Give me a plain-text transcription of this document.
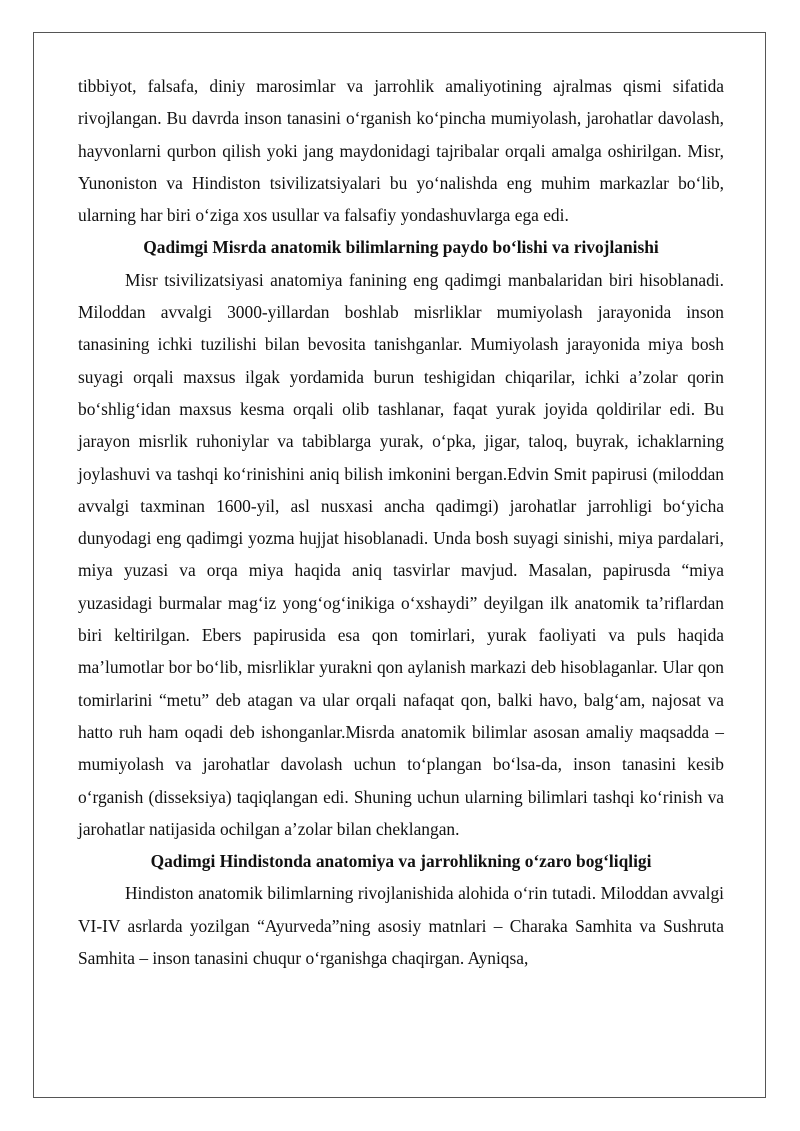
tibbiyot, falsafa, diniy marosimlar va jarrohlik amaliyotining ajralmas qismi sifatida rivojlangan. Bu davrda inson tanasini oʻrganish koʻpincha mumiyolash, jarohatlar davolash, hayvonlarni qurbon qilish yoki jang maydonidagi tajribalar orqali amalga oshirilgan. Misr, Yunoniston va Hindiston tsivilizatsiyalari bu yoʻnalishda eng muhim markazlar boʻlib, ularning har biri oʻziga xos usullar va falsafiy yondashuvlarga ega edi.

Qadimgi Misrda anatomik bilimlarning paydo boʻlishi va rivojlanishi

Misr tsivilizatsiyasi anatomiya fanining eng qadimgi manbalaridan biri hisoblanadi. Miloddan avvalgi 3000-yillardan boshlab misrliklar mumiyolash jarayonida inson tanasining ichki tuzilishi bilan bevosita tanishganlar. Mumiyolash jarayonida miya bosh suyagi orqali maxsus ilgak yordamida burun teshigidan chiqarilar, ichki a’zolar qorin boʻshligʻidan maxsus kesma orqali olib tashlanar, faqat yurak joyida qoldirilar edi. Bu jarayon misrlik ruhoniylar va tabiblarga yurak, oʻpka, jigar, taloq, buyrak, ichaklarning joylashuvi va tashqi koʻrinishini aniq bilish imkonini bergan.Edvin Smit papirusi (miloddan avvalgi taxminan 1600-yil, asl nusxasi ancha qadimgi) jarohatlar jarrohligi boʻyicha dunyodagi eng qadimgi yozma hujjat hisoblanadi. Unda bosh suyagi sinishi, miya pardalari, miya yuzasi va orqa miya haqida aniq tasvirlar mavjud. Masalan, papirusda “miya yuzasidagi burmalar magʻiz yongʻogʻinikiga oʻxshaydi” deyilgan ilk anatomik ta’riflardan biri keltirilgan. Ebers papirusida esa qon tomirlari, yurak faoliyati va puls haqida ma’lumotlar bor boʻlib, misrliklar yurakni qon aylanish markazi deb hisoblaganlar. Ular qon tomirlarini “metu” deb atagan va ular orqali nafaqat qon, balki havo, balgʻam, najosat va hatto ruh ham oqadi deb ishonganlar.Misrda anatomik bilimlar asosan amaliy maqsadda – mumiyolash va jarohatlar davolash uchun toʻplangan boʻlsa-da, inson tanasini kesib oʻrganish (disseksiya) taqiqlangan edi. Shuning uchun ularning bilimlari tashqi koʻrinish va jarohatlar natijasida ochilgan a’zolar bilan cheklangan.

Qadimgi Hindistonda anatomiya va jarrohlikning oʻzaro bogʻliqligi

Hindiston anatomik bilimlarning rivojlanishida alohida oʻrin tutadi. Miloddan avvalgi VI-IV asrlarda yozilgan “Ayurveda”ning asosiy matnlari – Charaka Samhita va Sushruta Samhita – inson tanasini chuqur oʻrganishga chaqirgan. Ayniqsa,
